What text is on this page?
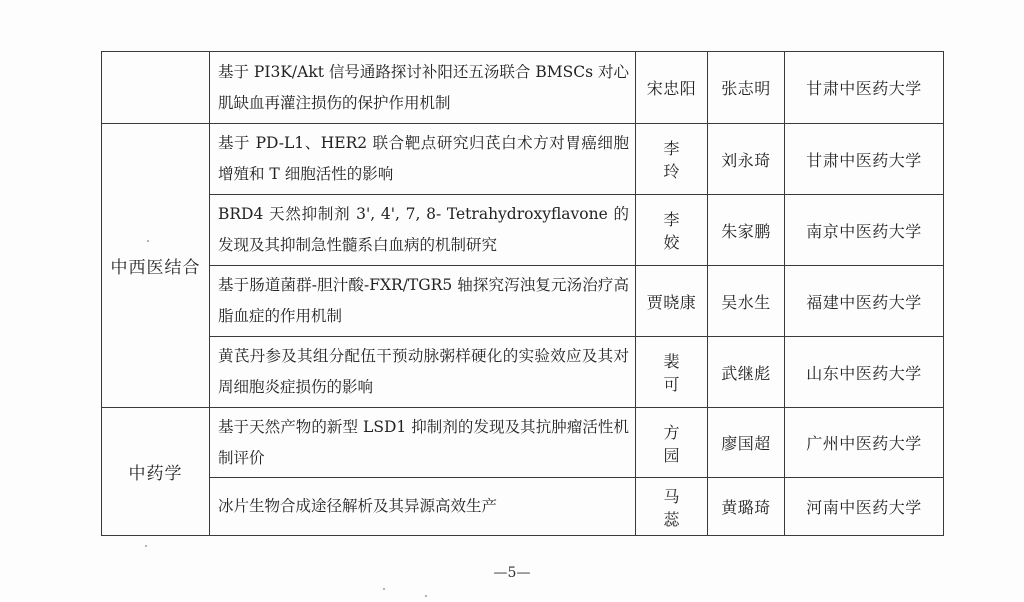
	基于 PI3K/Akt 信号通路探讨补阳还五汤联合 BMSCs 对心肌缺血再灌注损伤的保护作用机制	宋忠阳	张志明	甘肃中医药大学
中西医结合	基于 PD-L1、HER2 联合靶点研究归芪白术方对胃癌细胞增殖和 T 细胞活性的影响	李 玲	刘永琦	甘肃中医药大学
	BRD4 天然抑制剂 3', 4', 7, 8- Tetrahydroxyflavone 的发现及其抑制急性髓系白血病的机制研究	李 姣	朱家鹏	南京中医药大学
	基于肠道菌群-胆汁酸-FXR/TGR5 轴探究泻浊复元汤治疗高脂血症的作用机制	贾晓康	吴水生	福建中医药大学
	黄芪丹参及其组分配伍干预动脉粥样硬化的实验效应及其对周细胞炎症损伤的影响	裴 可	武继彪	山东中医药大学
中药学	基于天然产物的新型 LSD1 抑制剂的发现及其抗肿瘤活性机制评价	方 园	廖国超	广州中医药大学
	冰片生物合成途径解析及其异源高效生产	马 蕊	黄璐琦	河南中医药大学
—5—
